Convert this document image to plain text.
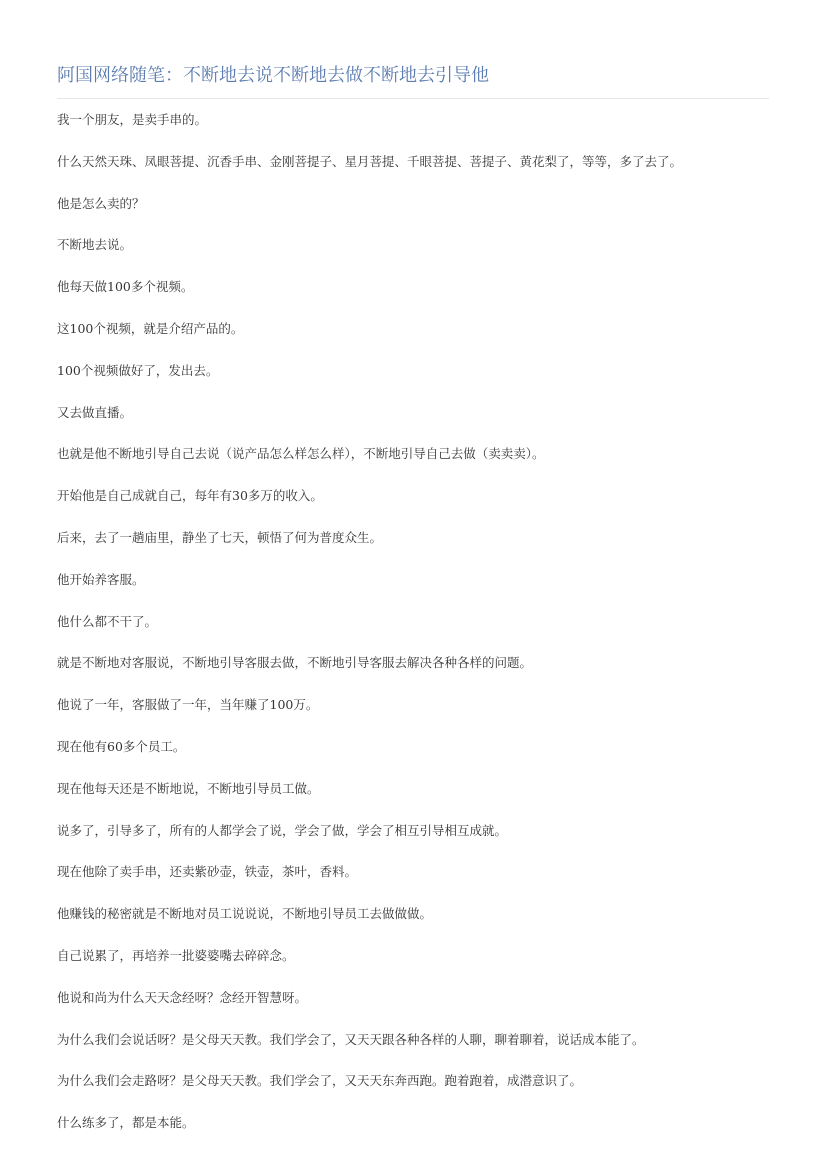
阿国网络随笔：不断地去说不断地去做不断地去引导他

我一个朋友，是卖手串的。

什么天然天珠、凤眼菩提、沉香手串、金刚菩提子、星月菩提、千眼菩提、菩提子、黄花梨了，等等，多了去了。

他是怎么卖的？

不断地去说。

他每天做100多个视频。

这100个视频，就是介绍产品的。

100个视频做好了，发出去。

又去做直播。

也就是他不断地引导自己去说（说产品怎么样怎么样），不断地引导自己去做（卖卖卖）。

开始他是自己成就自己，每年有30多万的收入。

后来，去了一趟庙里，静坐了七天，顿悟了何为普度众生。

他开始养客服。

他什么都不干了。

就是不断地对客服说，不断地引导客服去做，不断地引导客服去解决各种各样的问题。

他说了一年，客服做了一年，当年赚了100万。

现在他有60多个员工。

现在他每天还是不断地说，不断地引导员工做。

说多了，引导多了，所有的人都学会了说，学会了做，学会了相互引导相互成就。

现在他除了卖手串，还卖紫砂壶，铁壶，茶叶，香料。

他赚钱的秘密就是不断地对员工说说说，不断地引导员工去做做做。

自己说累了，再培养一批婆婆嘴去碎碎念。

他说和尚为什么天天念经呀？念经开智慧呀。

为什么我们会说话呀？是父母天天教。我们学会了，又天天跟各种各样的人聊，聊着聊着，说话成本能了。

为什么我们会走路呀？是父母天天教。我们学会了，又天天东奔西跑。跑着跑着，成潜意识了。

什么练多了，都是本能。
